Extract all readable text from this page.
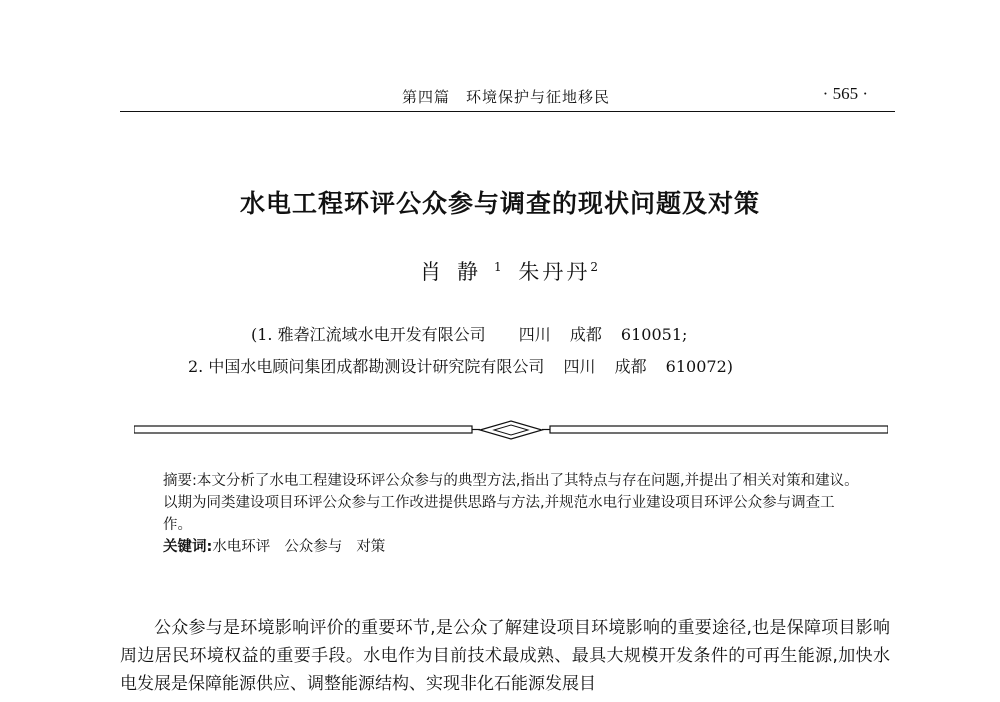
第四篇 环境保护与征地移民	· 565 ·
水电工程环评公众参与调查的现状问题及对策
肖静$^1$ 朱丹丹$^2$
(1. 雅砻江流域水电开发有限公司 四川 成都 610051;
2. 中国水电顾问集团成都勘测设计研究院有限公司 四川 成都 610072)

摘要:本文分析了水电工程建设环评公众参与的典型方法,指出了其特点与存在问题,并提出了相关对策和建议。以期为同类建设项目环评公众参与工作改进提供思路与方法,并规范水电行业建设项目环评公众参与调查工作。

关键词:水电环评 公众参与 对策

公众参与是环境影响评价的重要环节,是公众了解建设项目环境影响的重要途径,也是保障项目影响周边居民环境权益的重要手段。水电作为目前技术最成熟、最具大规模开发条件的可再生能源,加快水电发展是保障能源供应、调整能源结构、实现非化石能源发展目
